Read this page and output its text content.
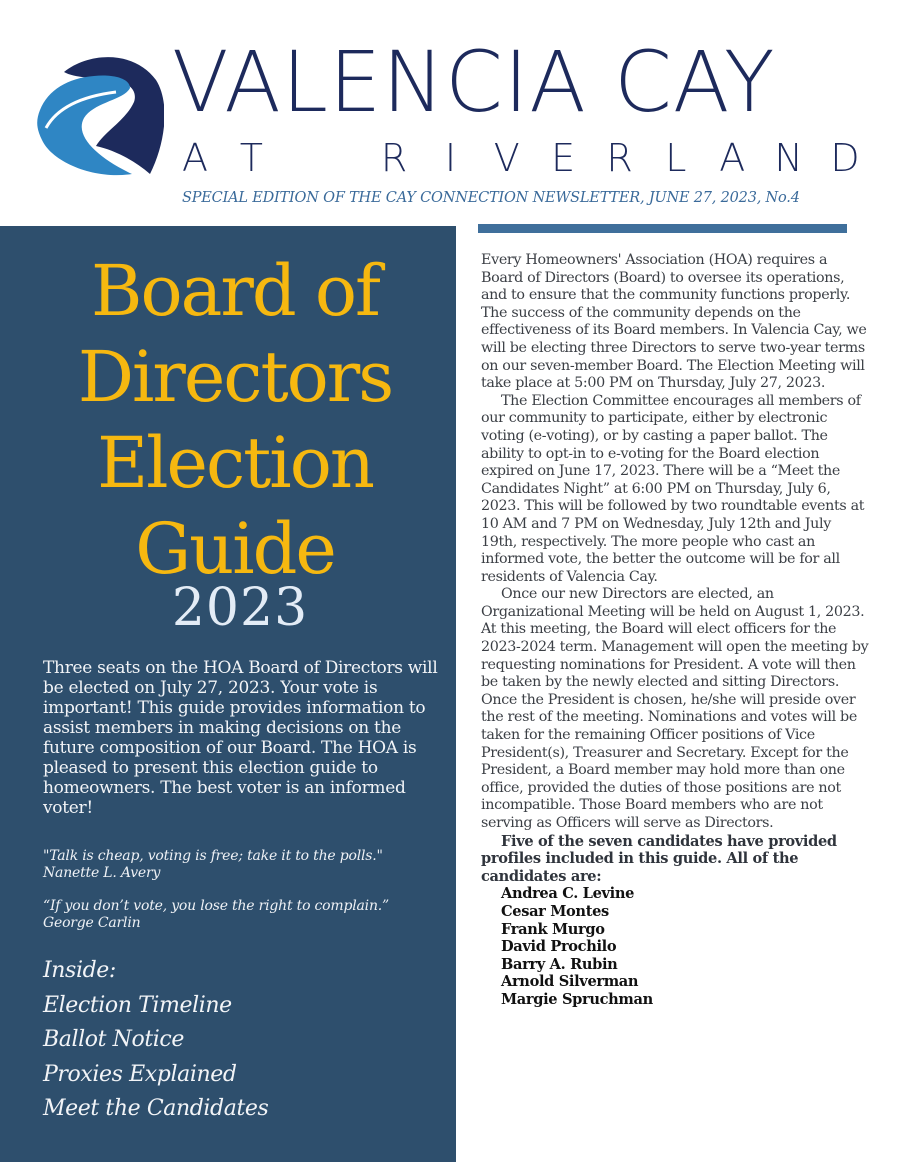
VALENCIA CAY
A T	R I V E R L A N D
SPECIAL EDITION OF THE CAY CONNECTION NEWSLETTER, JUNE 27, 2023, No.4
Board of
Directors
Election
Guide
2023

Three seats on the HOA Board of Directors will be elected on July 27, 2023. Your vote is important! This guide provides information to assist members in making decisions on the future composition of our Board. The HOA is pleased to present this election guide to homeowners. The best voter is an informed voter!

"Talk is cheap, voting is free; take it to the polls."
Nanette L. Avery
“If you don’t vote, you lose the right to complain.”
George Carlin
Inside:
Election Timeline
Ballot Notice
Proxies Explained
Meet the Candidates

Every Homeowners' Association (HOA) requires a Board of Directors (Board) to oversee its operations, and to ensure that the community functions properly. The success of the community depends on the effectiveness of its Board members. In Valencia Cay, we will be electing three Directors to serve two-year terms on our seven-member Board. The Election Meeting will take place at 5:00 PM on Thursday, July 27, 2023.

The Election Committee encourages all members of our community to participate, either by electronic voting (e-voting), or by casting a paper ballot. The ability to opt-in to e-voting for the Board election expired on June 17, 2023. There will be a “Meet the Candidates Night” at 6:00 PM on Thursday, July 6, 2023. This will be followed by two roundtable events at 10 AM and 7 PM on Wednesday, July 12th and July 19th, respectively. The more people who cast an informed vote, the better the outcome will be for all residents of Valencia Cay.

Once our new Directors are elected, an Organizational Meeting will be held on August 1, 2023. At this meeting, the Board will elect officers for the 2023-2024 term. Management will open the meeting by requesting nominations for President. A vote will then be taken by the newly elected and sitting Directors. Once the President is chosen, he/she will preside over the rest of the meeting. Nominations and votes will be taken for the remaining Officer positions of Vice President(s), Treasurer and Secretary. Except for the President, a Board member may hold more than one office, provided the duties of those positions are not incompatible. Those Board members who are not serving as Officers will serve as Directors.

Five of the seven candidates have provided profiles included in this guide. All of the candidates are:

Andrea C. Levine
Cesar Montes
Frank Murgo
David Prochilo
Barry A. Rubin
Arnold Silverman
Margie Spruchman
